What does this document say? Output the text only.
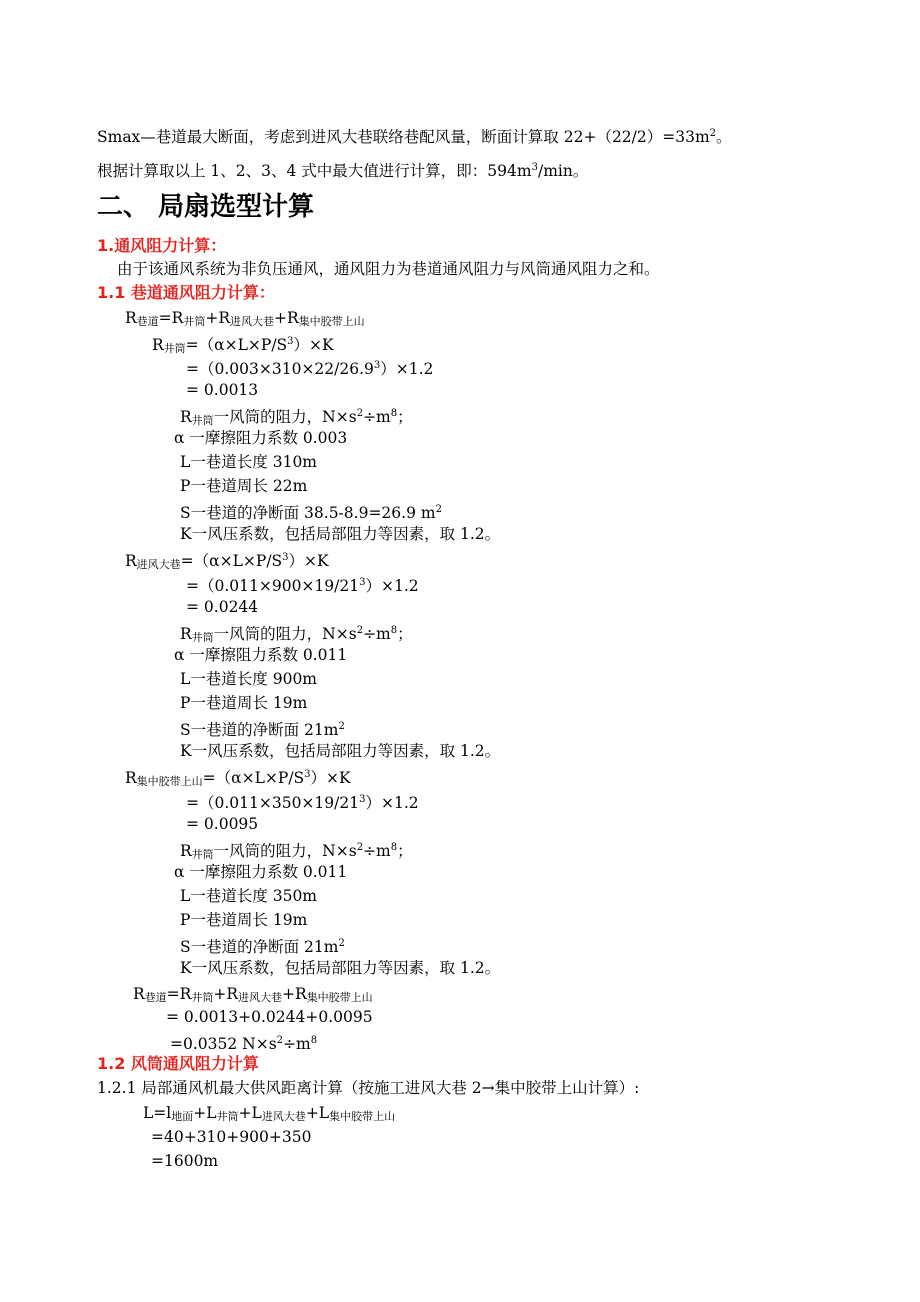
Smax—巷道最大断面，考虑到进风大巷联络巷配风量，断面计算取 $22+(22/2)=33m^2$。
根据计算取以上 1、2、3、4 式中最大值进行计算，即：$594m^3/\min$。
二、 局扇选型计算
1.通风阻力计算：
由于该通风系统为非负压通风，通风阻力为巷道通风阻力与风筒通风阻力之和。
1.1 巷道通风阻力计算：
$R_{巷道}=R_{井筒}+R_{进风大巷}+R_{集中胶带上山}$
$R_{井筒}=(\alpha\times L\times P/S^3)\times K$
$=(0.003\times 310\times 22/26.9^3)\times 1.2$
= 0.0013
$R_{井筒}$一风筒的阻力，$N\times s^2\div m^8$；
α 一摩擦阻力系数 0.003
L一巷道长度 310m
P一巷道周长 22m
S一巷道的净断面 38.5-8.9=26.9 $m^2$
K一风压系数，包括局部阻力等因素，取 1.2。
$R_{进风大巷}=(\alpha\times L\times P/S^3)\times K$
$=(0.011\times 900\times 19/21^3)\times 1.2$
= 0.0244
$R_{井筒}$一风筒的阻力，$N\times s^2\div m^8$；
α 一摩擦阻力系数 0.011
L一巷道长度 900m
P一巷道周长 19m
S一巷道的净断面 $21m^2$
K一风压系数，包括局部阻力等因素，取 1.2。
$R_{集中胶带上山}=(\alpha\times L\times P/S^3)\times K$
$=(0.011\times 350\times 19/21^3)\times 1.2$
= 0.0095
$R_{井筒}$一风筒的阻力，$N\times s^2\div m^8$；
α 一摩擦阻力系数 0.011
L一巷道长度 350m
P一巷道周长 19m
S一巷道的净断面 $21m^2$
K一风压系数，包括局部阻力等因素，取 1.2。
$R_{巷道}=R_{井筒}+R_{进风大巷}+R_{集中胶带上山}$
= 0.0013+0.0244+0.0095
=0.0352 $N\times s^2\div m^8$
1.2 风筒通风阻力计算
1.2.1 局部通风机最大供风距离计算（按施工进风大巷 2→集中胶带上山计算）:
$L=l_{地面}+L_{井筒}+L_{进风大巷}+L_{集中胶带上山}$
=40+310+900+350
=1600m
